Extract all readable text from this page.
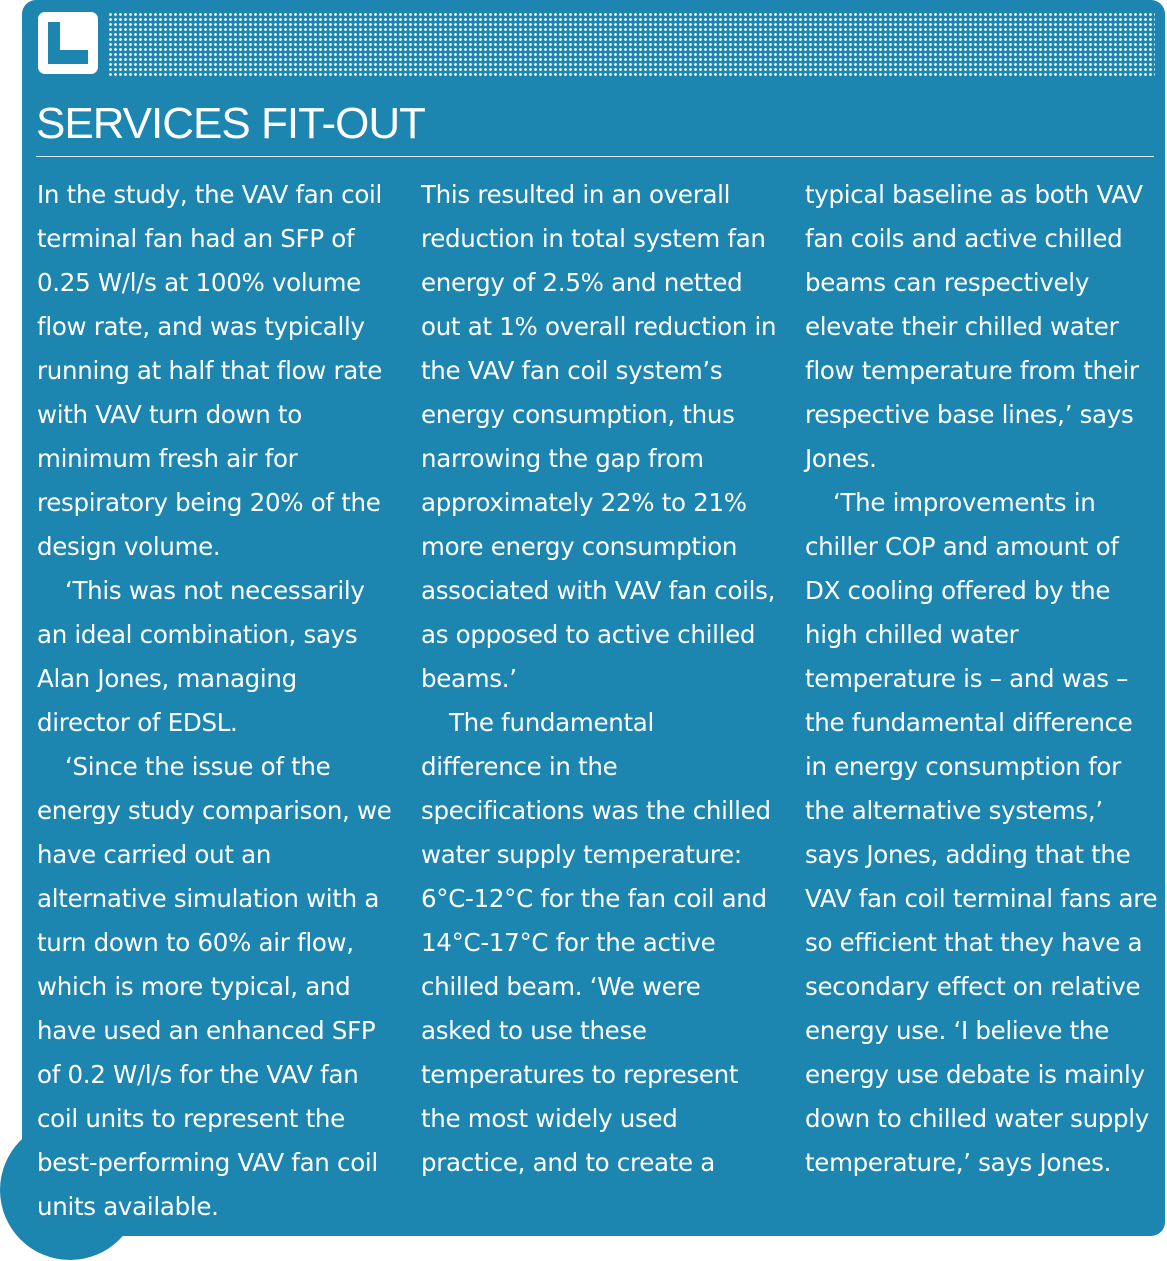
SERVICES FIT-OUT

In the study, the VAV fan coil terminal fan had an SFP of 0.25 W/l/s at 100% volume flow rate, and was typically running at half that flow rate with VAV turn down to minimum fresh air for respiratory being 20% of the design volume.

‘This was not necessarily an ideal combination, says Alan Jones, managing director of EDSL.

‘Since the issue of the energy study comparison, we have carried out an alternative simulation with a turn down to 60% air flow, which is more typical, and have used an enhanced SFP of 0.2 W/l/s for the VAV fan coil units to represent the best-performing VAV fan coil units available.

This resulted in an overall reduction in total system fan energy of 2.5% and netted out at 1% overall reduction in the VAV fan coil system’s energy consumption, thus narrowing the gap from approximately 22% to 21% more energy consumption associated with VAV fan coils, as opposed to active chilled beams.’

The fundamental difference in the specifications was the chilled water supply temperature: 6°C-12°C for the fan coil and 14°C-17°C for the active chilled beam. ‘We were asked to use these temperatures to represent the most widely used practice, and to create a

typical baseline as both VAV fan coils and active chilled beams can respectively elevate their chilled water flow temperature from their respective base lines,’ says Jones.

‘The improvements in chiller COP and amount of DX cooling offered by the high chilled water temperature is – and was – the fundamental difference in energy consumption for the alternative systems,’ says Jones, adding that the VAV fan coil terminal fans are so efficient that they have a secondary effect on relative energy use. ‘I believe the energy use debate is mainly down to chilled water supply temperature,’ says Jones.
